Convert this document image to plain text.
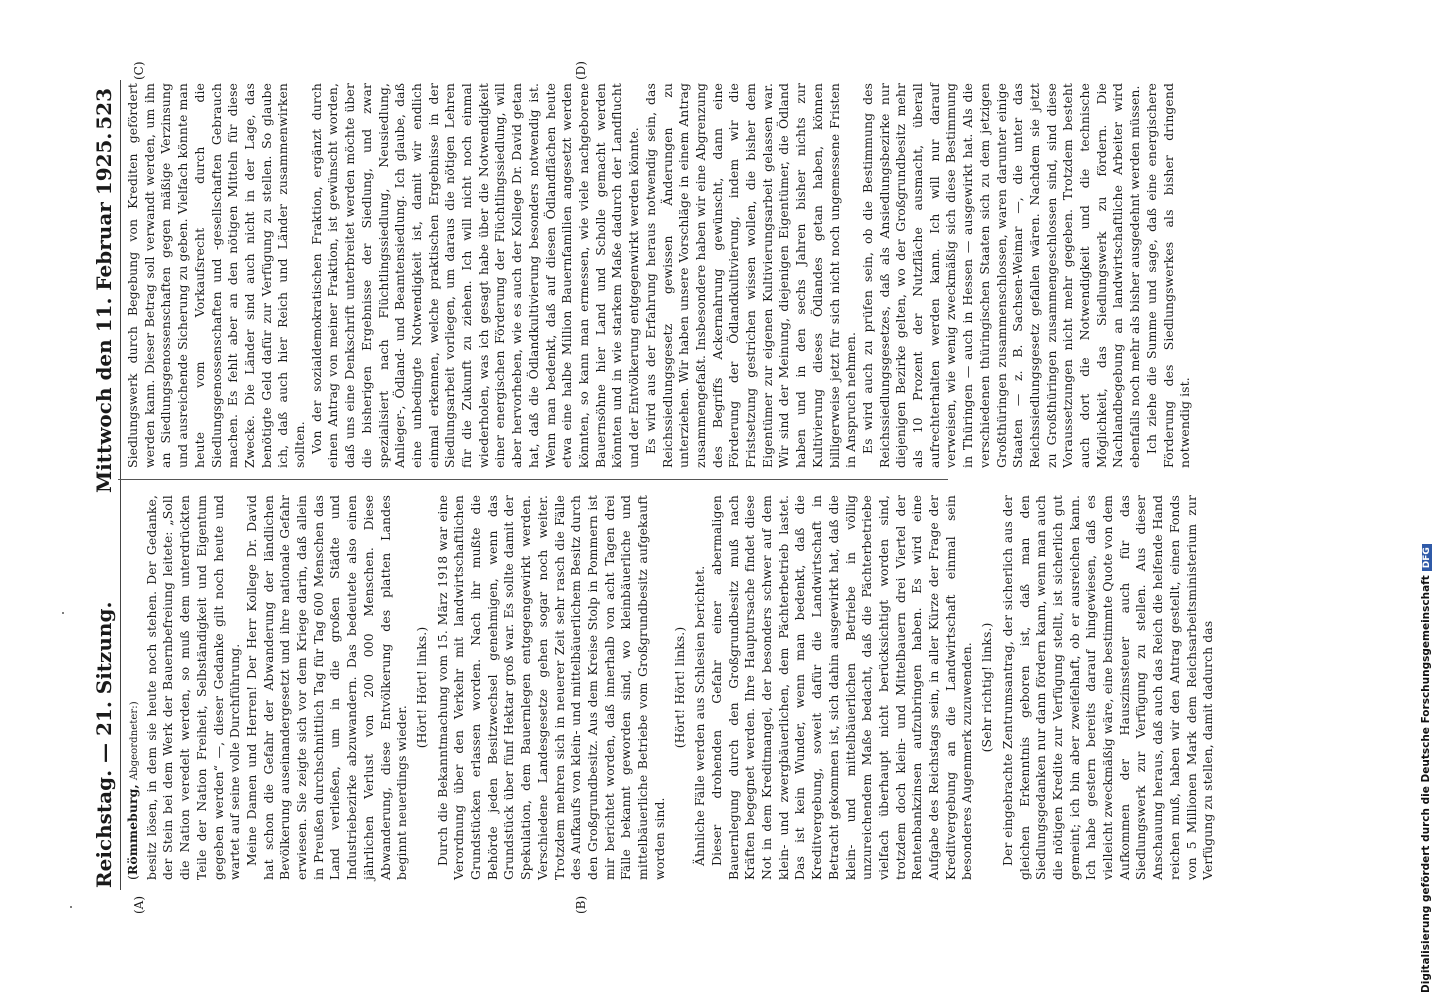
Reichstag. — 21. Sitzung.
Mittwoch den 11. Februar 1925.
523
(A)	(B)
(C)	(D)

(Römmeburg, Abgeordneter:) besitz lösen, in dem sie heute noch stehen. Der Gedanke, der Stein bei dem Werk der Bauernbefreiung leitete: „Soll die Nation veredelt werden, so muß dem unterdrückten Teile der Nation Freiheit, Selbständigkeit und Eigentum gegeben werden“ —, dieser Gedanke gilt noch heute und wartet auf seine volle Durchführung. Meine Damen und Herren! Der Herr Kollege Dr. David hat schon die Gefahr der Abwanderung der ländlichen Bevölkerung auseinandergesetzt und ihre nationale Gefahr erwiesen. Sie zeigte sich vor dem Kriege darin, daß allein in Preußen durchschnittlich Tag für Tag 600 Menschen das Land verließen, um in die großen Städte und Industriebezirke abzuwandern. Das bedeutete also einen jährlichen Verlust von 200 000 Menschen. Diese Abwanderung, diese Entvölkerung des platten Landes beginnt neuerdings wieder.

(Hört! Hört! links.) Durch die Bekanntmachung vom 15. März 1918 war eine Verordnung über den Verkehr mit landwirtschaftlichen Grundstücken erlassen worden. Nach ihr mußte die Behörde jeden Besitzwechsel genehmigen, wenn das Grundstück über fünf Hektar groß war. Es sollte damit der Spekulation, dem Bauernlegen entgegengewirkt werden. Verschiedene Landesgesetze gehen sogar noch weiter. Trotzdem mehren sich in neuerer Zeit sehr rasch die Fälle des Aufkaufs von klein- und mittelbäuerlichem Besitz durch den Großgrundbesitz. Aus dem Kreise Stolp in Pommern ist mir berichtet worden, daß innerhalb von acht Tagen drei Fälle bekannt geworden sind, wo kleinbäuerliche und mittelbäuerliche Betriebe vom Großgrundbesitz aufgekauft worden sind.

(Hört! Hört! links.) Ähnliche Fälle werden aus Schlesien berichtet. Dieser drohenden Gefahr einer abermaligen Bauernlegung durch den Großgrundbesitz muß nach Kräften begegnet werden. Ihre Hauptursache findet diese Not in dem Kreditmangel, der besonders schwer auf dem klein- und zwergbäuerlichen, dem Pächterbetrieb lastet. Das ist kein Wunder, wenn man bedenkt, daß die Kreditvergebung, soweit dafür die Landwirtschaft in Betracht gekommen ist, sich dahin ausgewirkt hat, daß die klein- und mittelbäuerlichen Betriebe in völlig unzureichendem Maße bedacht, daß die Pächterbetriebe vielfach überhaupt nicht berücksichtigt worden sind, trotzdem doch klein- und Mittelbauern drei Viertel der Rentenbankzinsen aufzubringen haben. Es wird eine Aufgabe des Reichstags sein, in aller Kürze der Frage der Kreditvergebung an die Landwirtschaft einmal sein besonderes Augenmerk zuzuwenden. (Sehr richtig! links.) Der eingebrachte Zentrumsantrag, der sicherlich aus der gleichen Erkenntnis geboren ist, daß man den Siedlungsgedanken nur dann fördern kann, wenn man auch die nötigen Kredite zur Verfügung stellt, ist sicherlich gut gemeint; ich bin aber zweifelhaft, ob er ausreichen kann. Ich habe gestern bereits darauf hingewiesen, daß es vielleicht zweckmäßig wäre, eine bestimmte Quote von dem Aufkommen der Hauszinssteuer auch für das Siedlungswerk zur Verfügung zu stellen. Aus dieser Anschauung heraus, daß auch das Reich die helfende Hand reichen muß, haben wir den Antrag gestellt, einen Fonds von 5 Millionen Mark dem Reichsarbeitsministerium zur Verfügung zu stellen, damit dadurch das

Siedlungswerk durch Begebung von Krediten gefördert werden kann. Dieser Betrag soll verwandt werden, um ihn an Siedlungsgenossenschaften gegen mäßige Verzinsung und ausreichende Sicherung zu geben. Vielfach könnte man heute vom Vorkaufsrecht durch die Siedlungsgenossenschaften und -gesellschaften Gebrauch machen. Es fehlt aber an den nötigen Mitteln für diese Zwecke. Die Länder sind auch nicht in der Lage, das benötigte Geld dafür zur Verfügung zu stellen. So glaube ich, daß auch hier Reich und Länder zusammenwirken sollten. Von der sozialdemokratischen Fraktion, ergänzt durch einen Antrag von meiner Fraktion, ist gewünscht worden, daß uns eine Denkschrift unterbreitet werden möchte über die bisherigen Ergebnisse der Siedlung, und zwar spezialisiert nach Flüchtlingssiedlung, Neusiedlung, Anlieger-, Ödland- und Beamtensiedlung. Ich glaube, daß eine unbedingte Notwendigkeit ist, damit wir endlich einmal erkennen, welche praktischen Ergebnisse in der Siedlungsarbeit vorliegen, um daraus die nötigen Lehren für die Zukunft zu ziehen. Ich will nicht noch einmal wiederholen, was ich gesagt habe über die Notwendigkeit einer energischen Förderung der Flüchtlingssiedlung, will aber hervorheben, wie es auch der Kollege Dr. David getan hat, daß die Ödlandkultivierung besonders notwendig ist. Wenn man bedenkt, daß auf diesen Ödlandflächen heute etwa eine halbe Million Bauernfamilien angesetzt werden könnten, so kann man ermessen, wie viele nachgeborene Bauernsöhne hier Land und Scholle gemacht werden könnten und in wie starkem Maße dadurch der Landflucht und der Entvölkerung entgegenwirkt werden könnte. Es wird aus der Erfahrung heraus notwendig sein, das Reichssiedlungsgesetz gewissen Änderungen zu unterziehen. Wir haben unsere Vorschläge in einem Antrag zusammengefaßt. Insbesondere haben wir eine Abgrenzung des Begriffs Ackernahrung gewünscht, dann eine Förderung der Ödlandkultivierung, indem wir die Fristsetzung gestrichen wissen wollen, die bisher dem Eigentümer zur eigenen Kultivierungsarbeit gelassen war. Wir sind der Meinung, diejenigen Eigentümer, die Ödland haben und in den sechs Jahren bisher nichts zur Kultivierung dieses Ödlandes getan haben, können billigerweise jetzt für sich nicht noch ungemessene Fristen in Anspruch nehmen. Es wird auch zu prüfen sein, ob die Bestimmung des Reichssiedlungsgesetzes, daß als Ansiedlungsbezirke nur diejenigen Bezirke gelten, wo der Großgrundbesitz mehr als 10 Prozent der Nutzfläche ausmacht, überall aufrechterhalten werden kann. Ich will nur darauf verweisen, wie wenig zweckmäßig sich diese Bestimmung in Thüringen — auch in Hessen — ausgewirkt hat. Als die verschiedenen thüringischen Staaten sich zu dem jetzigen Großthüringen zusammenschlossen, waren darunter einige Staaten — z. B. Sachsen-Weimar —, die unter das Reichssiedlungsgesetz gefallen wären. Nachdem sie jetzt zu Großthüringen zusammengeschlossen sind, sind diese Voraussetzungen nicht mehr gegeben. Trotzdem besteht auch dort die Notwendigkeit und die technische Möglichkeit, das Siedlungswerk zu fördern. Die Nachlandbegebung an landwirtschaftliche Arbeiter wird ebenfalls noch mehr als bisher ausgedehnt werden müssen. Ich ziehe die Summe und sage, daß eine energischere Förderung des Siedlungswerkes als bisher dringend notwendig ist.

Digitalisierung gefördert durch die Deutsche ForschungsgemeinschaftDFG
